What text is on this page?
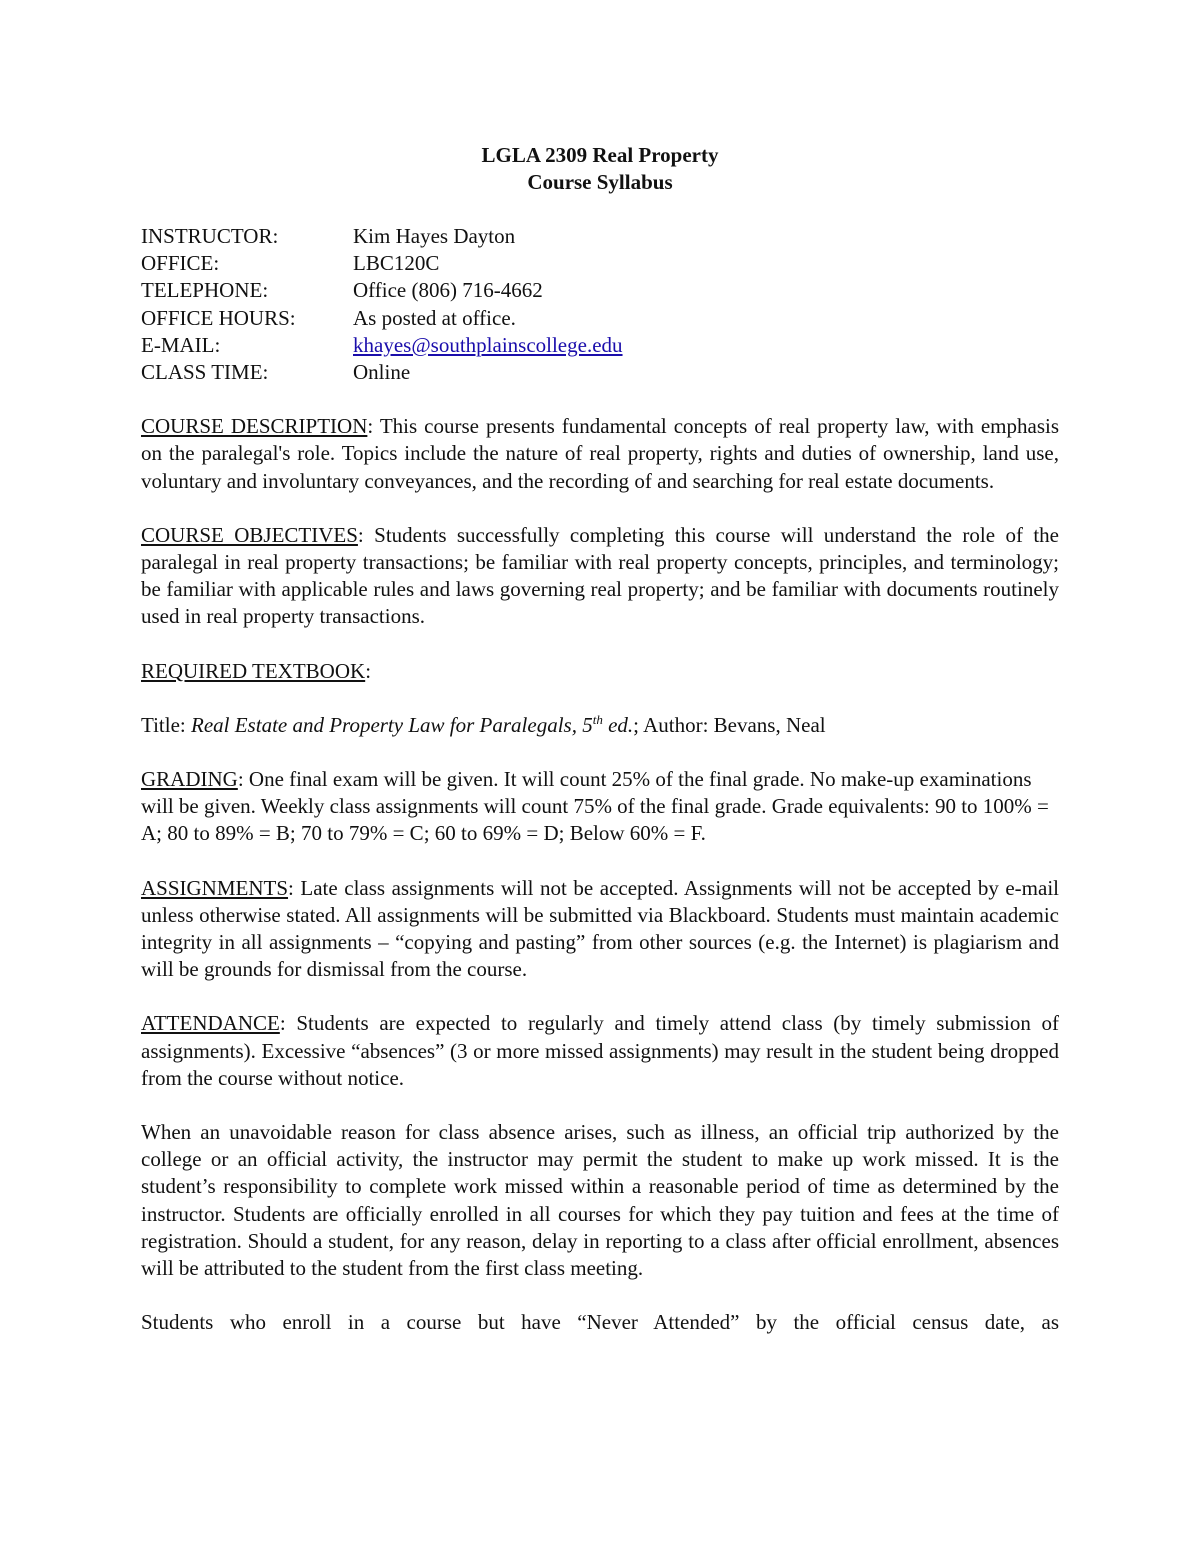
LGLA 2309 Real Property
Course Syllabus
INSTRUCTOR:	Kim Hayes Dayton
OFFICE:	LBC120C
TELEPHONE:	Office (806) 716-4662
OFFICE HOURS:	As posted at office.
E-MAIL:	khayes@southplainscollege.edu
CLASS TIME:	Online

COURSE DESCRIPTION: This course presents fundamental concepts of real property law, with emphasis on the paralegal's role. Topics include the nature of real property, rights and duties of ownership, land use, voluntary and involuntary conveyances, and the recording of and searching for real estate documents.

COURSE OBJECTIVES: Students successfully completing this course will understand the role of the paralegal in real property transactions; be familiar with real property concepts, principles, and terminology; be familiar with applicable rules and laws governing real property; and be familiar with documents routinely used in real property transactions.

REQUIRED TEXTBOOK:

Title: Real Estate and Property Law for Paralegals, 5th ed.; Author: Bevans, Neal

GRADING: One final exam will be given. It will count 25% of the final grade. No make-up examinations will be given. Weekly class assignments will count 75% of the final grade. Grade equivalents: 90 to 100% = A; 80 to 89% = B; 70 to 79% = C; 60 to 69% = D; Below 60% = F.

ASSIGNMENTS: Late class assignments will not be accepted. Assignments will not be accepted by e-mail unless otherwise stated. All assignments will be submitted via Blackboard. Students must maintain academic integrity in all assignments – “copying and pasting” from other sources (e.g. the Internet) is plagiarism and will be grounds for dismissal from the course.

ATTENDANCE: Students are expected to regularly and timely attend class (by timely submission of assignments). Excessive “absences” (3 or more missed assignments) may result in the student being dropped from the course without notice.

When an unavoidable reason for class absence arises, such as illness, an official trip authorized by the college or an official activity, the instructor may permit the student to make up work missed. It is the student’s responsibility to complete work missed within a reasonable period of time as determined by the instructor. Students are officially enrolled in all courses for which they pay tuition and fees at the time of registration. Should a student, for any reason, delay in reporting to a class after official enrollment, absences will be attributed to the student from the first class meeting.

Students who enroll in a course but have “Never Attended” by the official census date, as
